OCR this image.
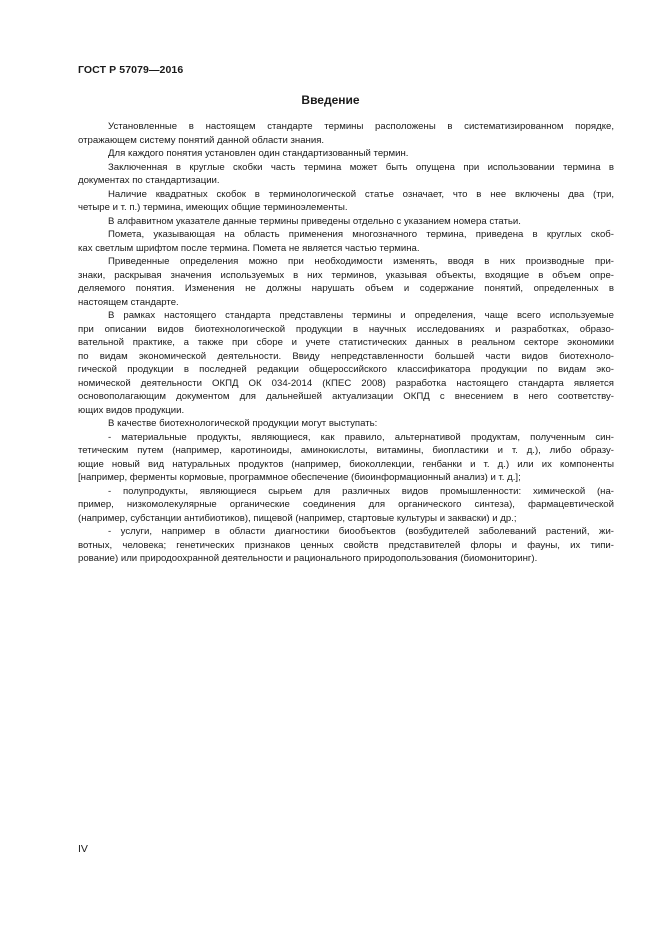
ГОСТ Р 57079—2016
Введение
Установленные в настоящем стандарте термины расположены в систематизированном порядке,
отражающем систему понятий данной области знания.
Для каждого понятия установлен один стандартизованный термин.
Заключенная в круглые скобки часть термина может быть опущена при использовании термина в
документах по стандартизации.
Наличие квадратных скобок в терминологической статье означает, что в нее включены два (три,
четыре и т. п.) термина, имеющих общие терминоэлементы.
В алфавитном указателе данные термины приведены отдельно с указанием номера статьи.
Помета, указывающая на область применения многозначного термина, приведена в круглых скоб-
ках светлым шрифтом после термина. Помета не является частью термина.
Приведенные определения можно при необходимости изменять, вводя в них производные при-
знаки, раскрывая значения используемых в них терминов, указывая объекты, входящие в объем опре-
деляемого понятия. Изменения не должны нарушать объем и содержание понятий, определенных в
настоящем стандарте.
В рамках настоящего стандарта представлены термины и определения, чаще всего используемые
при описании видов биотехнологической продукции в научных исследованиях и разработках, образо-
вательной практике, а также при сборе и учете статистических данных в реальном секторе экономики
по видам экономической деятельности. Ввиду непредставленности большей части видов биотехноло-
гической продукции в последней редакции общероссийского классификатора продукции по видам эко-
номической деятельности ОКПД ОК 034-2014 (КПЕС 2008) разработка настоящего стандарта является
основополагающим документом для дальнейшей актуализации ОКПД с внесением в него соответству-
ющих видов продукции.
В качестве биотехнологической продукции могут выступать:
- материальные продукты, являющиеся, как правило, альтернативой продуктам, полученным син-
тетическим путем (например, каротиноиды, аминокислоты, витамины, биопластики и т. д.), либо образу-
ющие новый вид натуральных продуктов (например, биоколлекции, генбанки и т. д.) или их компоненты
[например, ферменты кормовые, программное обеспечение (биоинформационный анализ) и т. д.];
- полупродукты, являющиеся сырьем для различных видов промышленности: химической (на-
пример, низкомолекулярные органические соединения для органического синтеза), фармацевтической
(например, субстанции антибиотиков), пищевой (например, стартовые культуры и закваски) и др.;
- услуги, например в области диагностики биообъектов (возбудителей заболеваний растений, жи-
вотных, человека; генетических признаков ценных свойств представителей флоры и фауны, их типи-
рование) или природоохранной деятельности и рационального природопользования (биомониторинг).
IV
